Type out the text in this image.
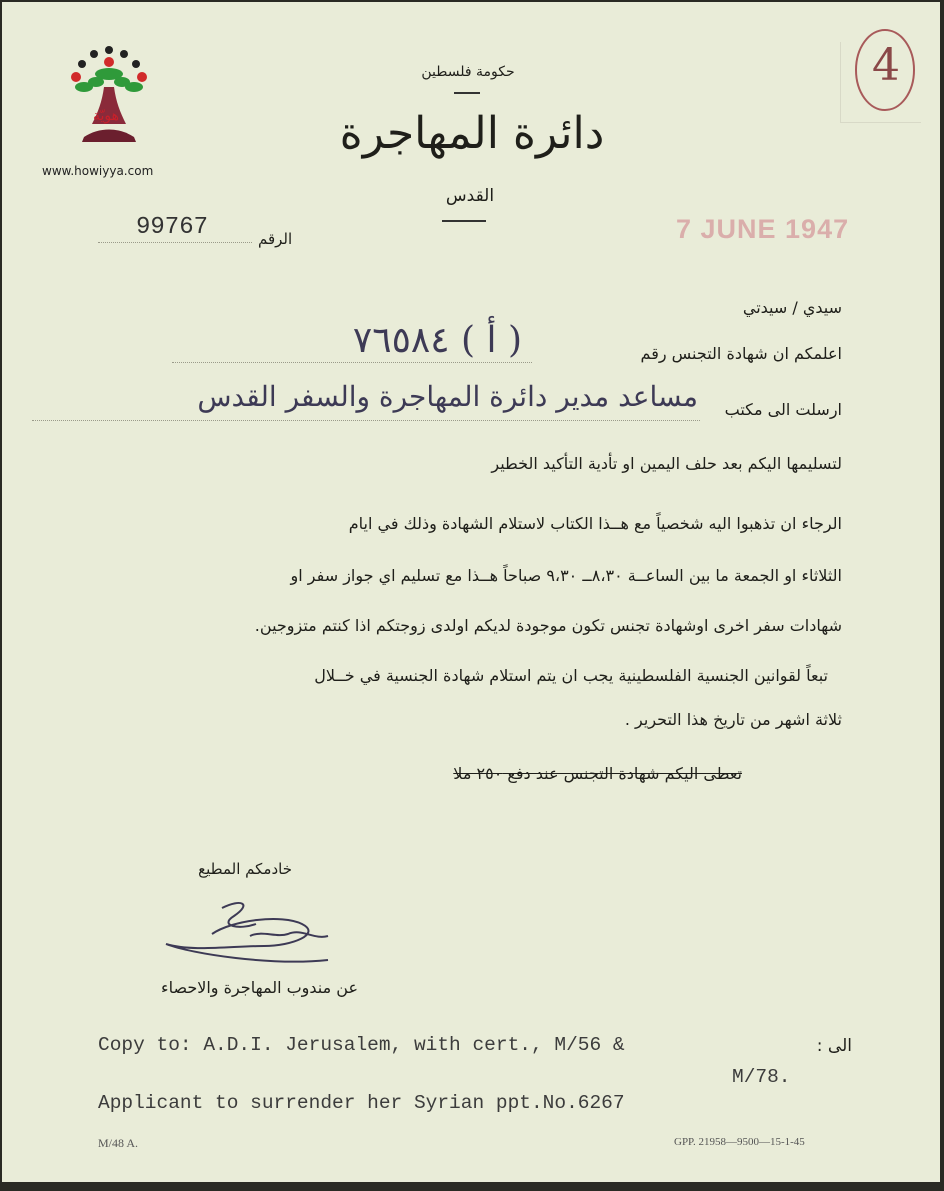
هويّة
www.howiyya.com
4
حكومة فلسطين
دائرة المهاجرة
القدس
الرقم
99767	7 JUNE 1947
سيدي / سيدتي
اعلمكم ان شهادة التجنس رقم
( أ ) ٧٦٥٨٤
ارسلت الى مكتب
مساعد مدير دائرة المهاجرة والسفر القدس
لتسليمها اليكم بعد حلف اليمين او تأدية التأكيد الخطير
الرجاء ان تذهبوا اليه شخصياً مع هــذا الكتاب لاستلام الشهادة وذلك في ايام
الثلاثاء او الجمعة ما بين الساعــة ٨،٣٠ــ ٩،٣٠ صباحاً هــذا مع تسليم اي جواز سفر او
شهادات سفر اخرى اوشهادة تجنس تكون موجودة لديكم اولدى زوجتكم اذا كنتم متزوجين.
تبعاً لقوانين الجنسية الفلسطينية يجب ان يتم استلام شهادة الجنسية في خــلال
ثلاثة اشهر من تاريخ هذا التحرير .
تعطى اليكم شهادة التجنس عند دفع ٢٥٠ ملا
خادمكم المطيع
عن مندوب المهاجرة والاحصاء
Copy to: A.D.I. Jerusalem, with cert., M/56 &	الى :
M/78.
Applicant to surrender her Syrian ppt.No.6267
M/48 A.	GPP. 21958—9500—15-1-45
